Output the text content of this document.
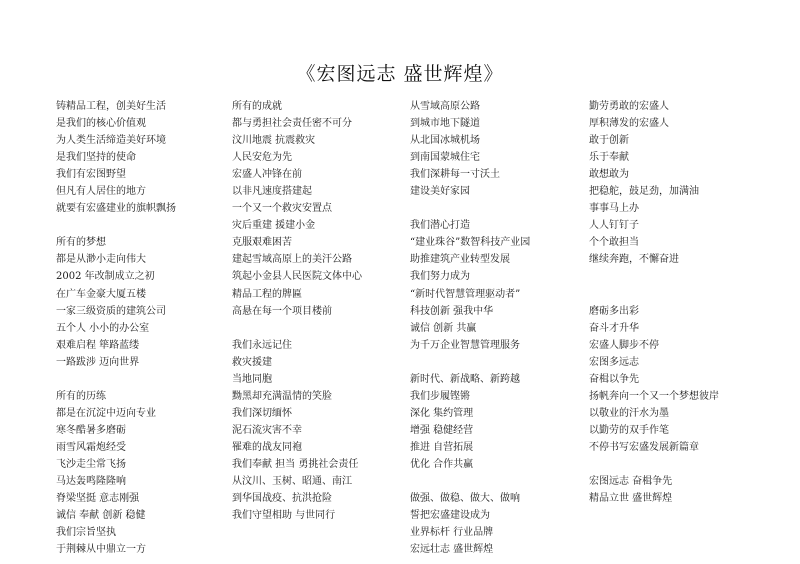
《宏图远志 盛世辉煌》
铸精品工程，创美好生活
是我们的核心价值观
为人类生活缔造美好环境
是我们坚持的使命
我们有宏图野望
但凡有人居住的地方
就要有宏盛建业的旗帜飘扬
所有的梦想
都是从渺小走向伟大
2002 年改制成立之初
在广车金豪大厦五楼
一家三级资质的建筑公司
五个人 小小的办公室
艰难启程 筚路蓝缕
一路跋涉 迈向世界
所有的历练
都是在沉淀中迈向专业
寒冬酷暑多磨砺
雨雪风霜炮经受
飞沙走尘常飞扬
马达轰鸣隆隆响
脊梁坚挺 意志刚强
诚信 奉献 创新 稳健
我们宗旨坚执
于荆棘从中鼎立一方
所有的成就
都与勇担社会责任密不可分
汶川地震 抗震救灾
人民安危为先
宏盛人冲锋在前
以非凡速度搭建起
一个又一个救灾安置点
灾后重建 援建小金
克服艰难困苦
建起雪域高原上的美汗公路
筑起小金县人民医院文体中心
精品工程的牌匾
高悬在每一个项目楼前
我们永远记住
救灾援建
当地同胞
黝黑却充满温情的笑脸
我们深切缅怀
泥石流灾害不幸
罹难的战友同袍
我们奉献 担当 勇挑社会责任
从汶川、玉树、昭通、南江
到华国战疫、抗洪抢险
我们守望相助 与世同行
从雪域高原公路
到城市地下隧道
从北国冰城机场
到南国蒙城住宅
我们深耕每一寸沃土
建设美好家园
我们潜心打造
“建业珠谷”数智科技产业园
助推建筑产业转型发展
我们努力成为
“新时代智慧管理驱动者”
科技创新 强我中华
诚信 创新 共赢
为千万企业智慧管理服务
新时代、新战略、新跨越
我们步履铿锵
深化 集约管理
增强 稳健经营
推进 自营拓展
优化 合作共赢
做强、做稳、做大、做响
誓把宏盛建设成为
业界标杆 行业品牌
宏远壮志 盛世辉煌
勤劳勇敢的宏盛人
厚积薄发的宏盛人
敢于创新
乐于奉献
敢想敢为
把稳舵，鼓足劲，加满油
事事马上办
人人钉钉子
个个敢担当
继续奔跑，不懈奋进
磨砺多出彩
奋斗才升华
宏盛人脚步不停
宏图多远志
奋楫以争先
扬帆奔向一个又一个梦想彼岸
以敬业的汗水为墨
以勤劳的双手作笔
不停书写宏盛发展新篇章
宏图远志 奋楫争先
精品立世 盛世辉煌
